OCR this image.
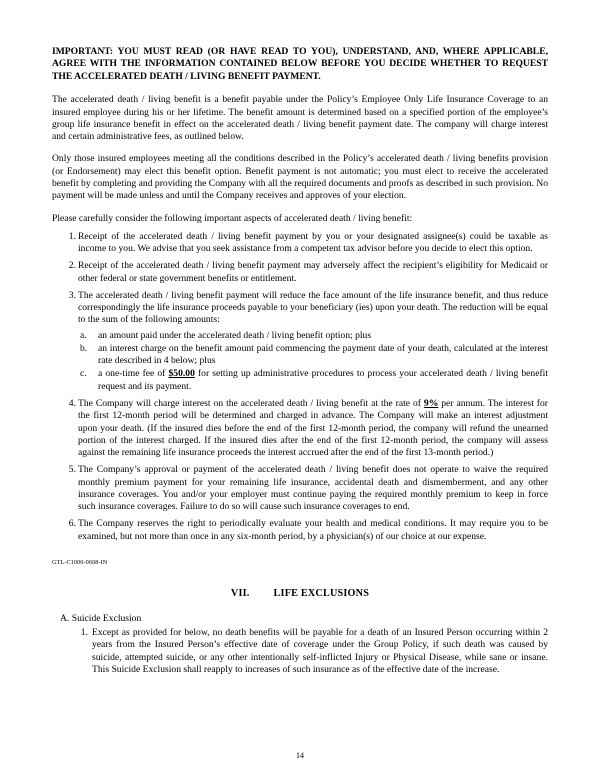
IMPORTANT: YOU MUST READ (OR HAVE READ TO YOU), UNDERSTAND, AND, WHERE APPLICABLE, AGREE WITH THE INFORMATION CONTAINED BELOW BEFORE YOU DECIDE WHETHER TO REQUEST THE ACCELERATED DEATH / LIVING BENEFIT PAYMENT.

The accelerated death / living benefit is a benefit payable under the Policy’s Employee Only Life Insurance Coverage to an insured employee during his or her lifetime. The benefit amount is determined based on a specified portion of the employee’s group life insurance benefit in effect on the accelerated death / living benefit payment date. The company will charge interest and certain administrative fees, as outlined below.

Only those insured employees meeting all the conditions described in the Policy’s accelerated death / living benefits provision (or Endorsement) may elect this benefit option. Benefit payment is not automatic; you must elect to receive the accelerated benefit by completing and providing the Company with all the required documents and proofs as described in such provision. No payment will be made unless and until the Company receives and approves of your election.

Please carefully consider the following important aspects of accelerated death / living benefit:

1. Receipt of the accelerated death / living benefit payment by you or your designated assignee(s) could be taxable as income to you. We advise that you seek assistance from a competent tax advisor before you decide to elect this option.
2. Receipt of the accelerated death / living benefit payment may adversely affect the recipient’s eligibility for Medicaid or other federal or state government benefits or entitlement.
3. The accelerated death / living benefit payment will reduce the face amount of the life insurance benefit, and thus reduce correspondingly the life insurance proceeds payable to your beneficiary (ies) upon your death. The reduction will be equal to the sum of the following amounts:
a.	an amount paid under the accelerated death / living benefit option; plus
b.	an interest charge on the benefit amount paid commencing the payment date of your death, calculated at the interest rate described in 4 below; plus
c.	a one-time fee of $50.00 for setting up administrative procedures to process your accelerated death / living benefit request and its payment.
4. The Company will charge interest on the accelerated death / living benefit at the rate of 9% per annum. The interest for the first 12-month period will be determined and charged in advance. The Company will make an interest adjustment upon your death. (If the insured dies before the end of the first 12-month period, the company will refund the unearned portion of the interest charged. If the insured dies after the end of the first 12-month period, the company will assess against the remaining life insurance proceeds the interest accrued after the end of the first 13-month period.)
5. The Company’s approval or payment of the accelerated death / living benefit does not operate to waive the required monthly premium payment for your remaining life insurance, accidental death and dismemberment, and any other insurance coverages. You and/or your employer must continue paying the required monthly premium to keep in force such insurance coverages. Failure to do so will cause such insurance coverages to end.
6. The Company reserves the right to periodically evaluate your health and medical conditions. It may require you to be examined, but not more than once in any six-month period, by a physician(s) of our choice at our expense.
GTL-C1000-0608-IN
VII. LIFE EXCLUSIONS
A. Suicide Exclusion
1. Except as provided for below, no death benefits will be payable for a death of an Insured Person occurring within 2 years from the Insured Person’s effective date of coverage under the Group Policy, if such death was caused by suicide, attempted suicide, or any other intentionally self-inflicted Injury or Physical Disease, while sane or insane. This Suicide Exclusion shall reapply to increases of such insurance as of the effective date of the increase.
14
